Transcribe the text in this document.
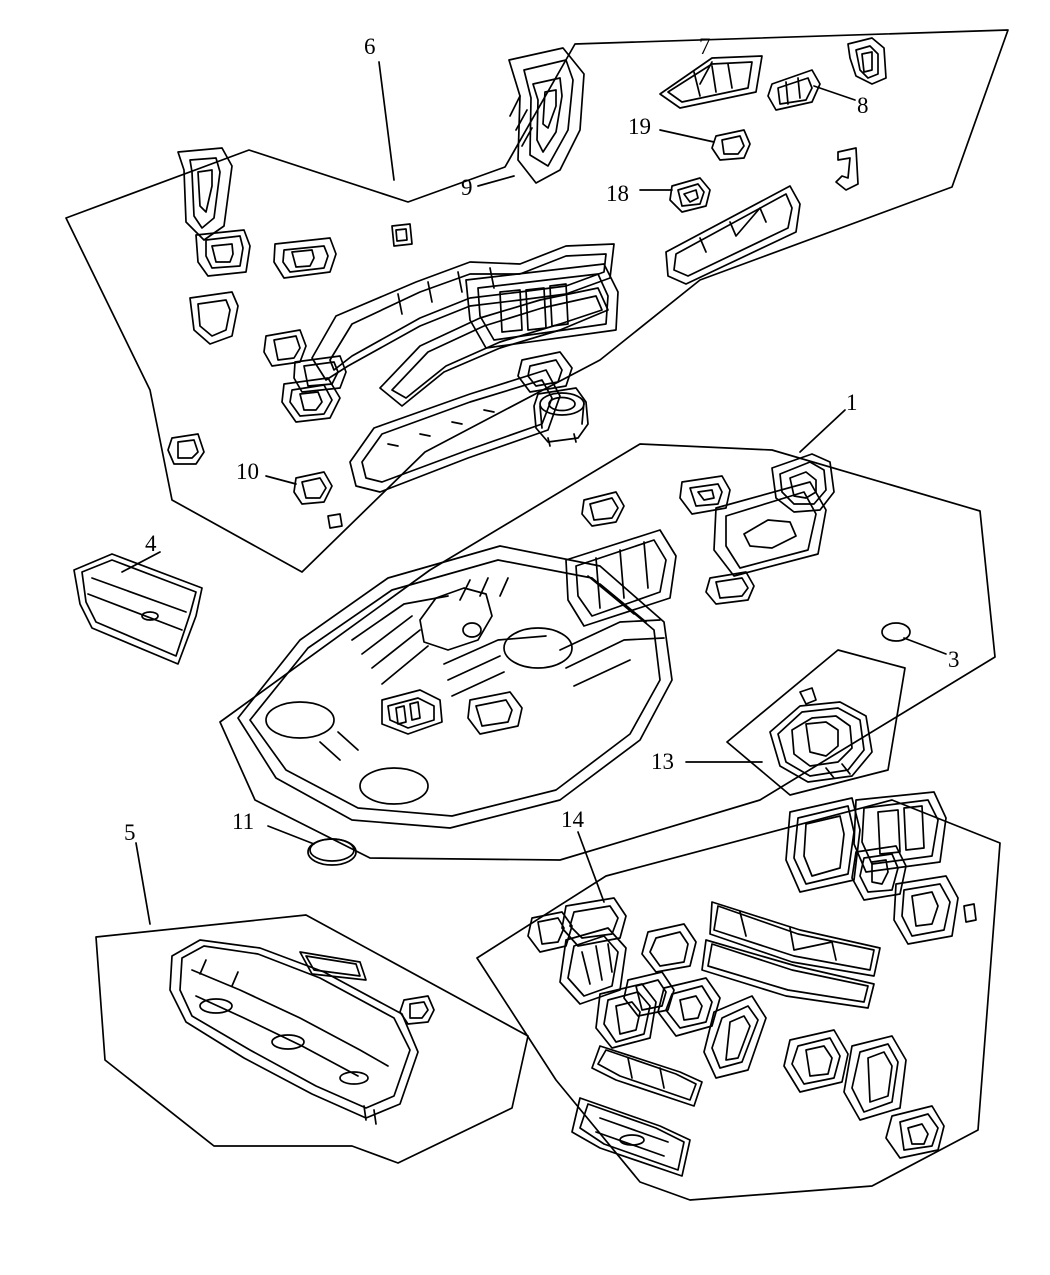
1
3
4
5
6	7
8
9
10
11
13
14
18
19
